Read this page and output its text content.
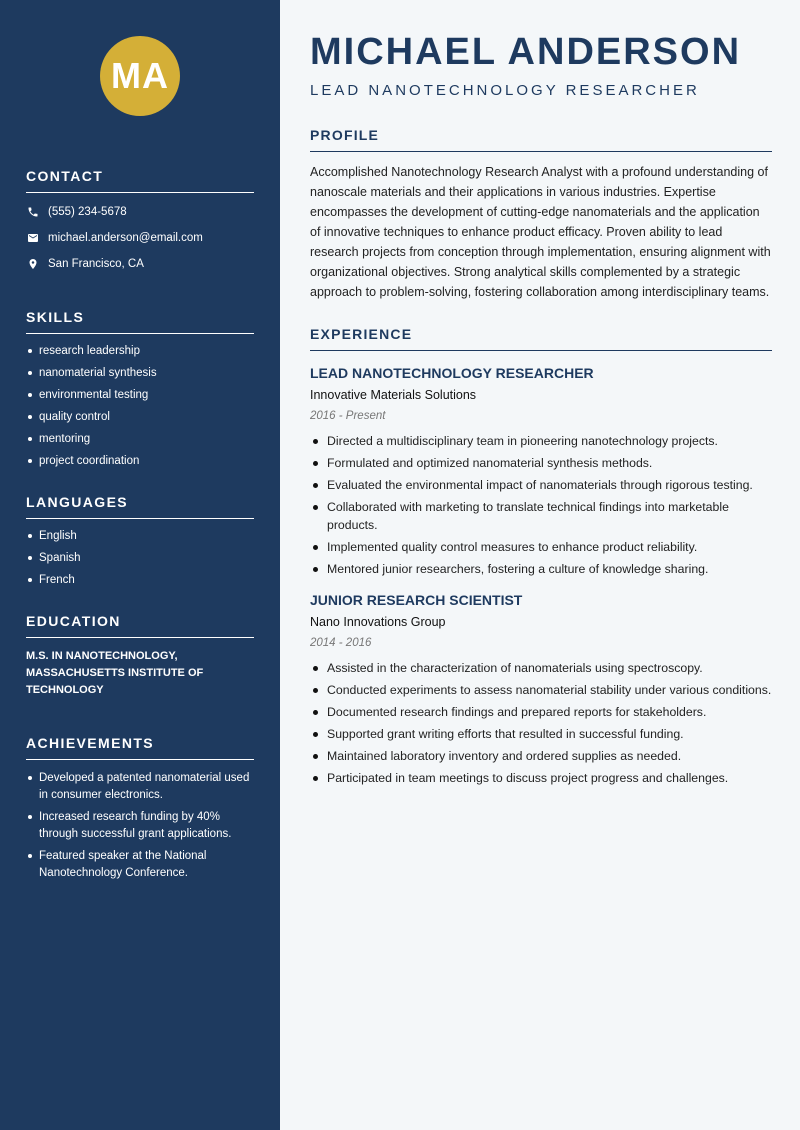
MA
CONTACT
(555) 234-5678
michael.anderson@email.com
San Francisco, CA
SKILLS
research leadership
nanomaterial synthesis
environmental testing
quality control
mentoring
project coordination
LANGUAGES
English
Spanish
French
EDUCATION
M.S. IN NANOTECHNOLOGY, MASSACHUSETTS INSTITUTE OF TECHNOLOGY
ACHIEVEMENTS
Developed a patented nanomaterial used in consumer electronics.
Increased research funding by 40% through successful grant applications.
Featured speaker at the National Nanotechnology Conference.
MICHAEL ANDERSON
LEAD NANOTECHNOLOGY RESEARCHER
PROFILE

Accomplished Nanotechnology Research Analyst with a profound understanding of nanoscale materials and their applications in various industries. Expertise encompasses the development of cutting-edge nanomaterials and the application of innovative techniques to enhance product efficacy. Proven ability to lead research projects from conception through implementation, ensuring alignment with organizational objectives. Strong analytical skills complemented by a strategic approach to problem-solving, fostering collaboration among interdisciplinary teams.

EXPERIENCE
LEAD NANOTECHNOLOGY RESEARCHER
Innovative Materials Solutions
2016 - Present
Directed a multidisciplinary team in pioneering nanotechnology projects.
Formulated and optimized nanomaterial synthesis methods.
Evaluated the environmental impact of nanomaterials through rigorous testing.
Collaborated with marketing to translate technical findings into marketable products.
Implemented quality control measures to enhance product reliability.
Mentored junior researchers, fostering a culture of knowledge sharing.
JUNIOR RESEARCH SCIENTIST
Nano Innovations Group
2014 - 2016
Assisted in the characterization of nanomaterials using spectroscopy.
Conducted experiments to assess nanomaterial stability under various conditions.
Documented research findings and prepared reports for stakeholders.
Supported grant writing efforts that resulted in successful funding.
Maintained laboratory inventory and ordered supplies as needed.
Participated in team meetings to discuss project progress and challenges.
